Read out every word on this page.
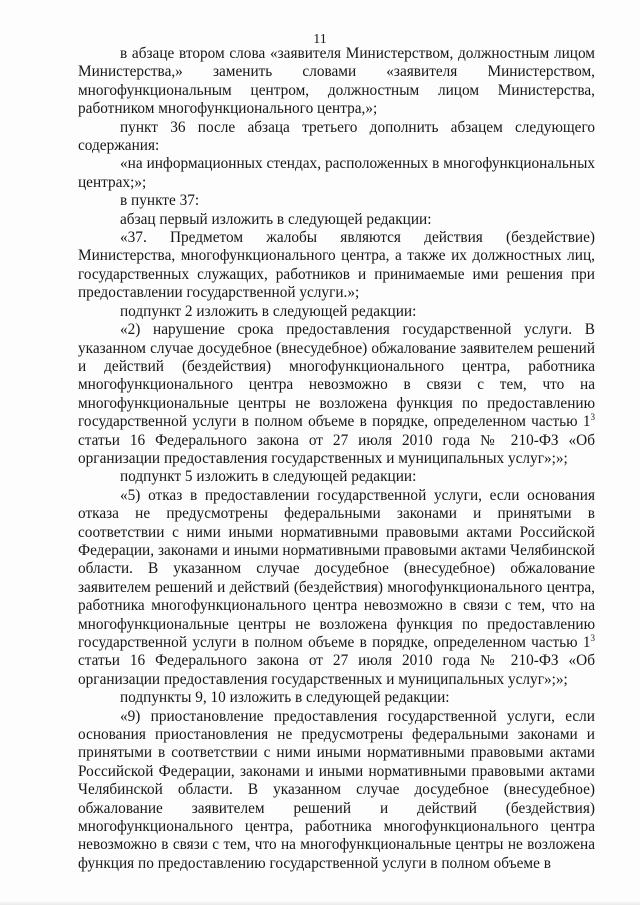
11

в абзаце втором слова «заявителя Министерством, должностным лицом Министерства,» заменить словами «заявителя Министерством, многофункциональным центром, должностным лицом Министерства, работником многофункционального центра,»;

пункт 36 после абзаца третьего дополнить абзацем следующего содержания:

«на информационных стендах, расположенных в многофункциональных центрах;»;

в пункте 37:

абзац первый изложить в следующей редакции:

«37. Предметом жалобы являются действия (бездействие) Министерства, многофункционального центра, а также их должностных лиц, государственных служащих, работников и принимаемые ими решения при предоставлении государственной услуги.»;

подпункт 2 изложить в следующей редакции:

«2) нарушение срока предоставления государственной услуги. В указанном случае досудебное (внесудебное) обжалование заявителем решений и действий (бездействия) многофункционального центра, работника многофункционального центра невозможно в связи с тем, что на многофункциональные центры не возложена функция по предоставлению государственной услуги в полном объеме в порядке, определенном частью $1^3$ статьи 16 Федерального закона от 27 июля 2010 года № 210-ФЗ «Об организации предоставления государственных и муниципальных услуг»;»;

подпункт 5 изложить в следующей редакции:

«5) отказ в предоставлении государственной услуги, если основания отказа не предусмотрены федеральными законами и принятыми в соответствии с ними иными нормативными правовыми актами Российской Федерации, законами и иными нормативными правовыми актами Челябинской области. В указанном случае досудебное (внесудебное) обжалование заявителем решений и действий (бездействия) многофункционального центра, работника многофункционального центра невозможно в связи с тем, что на многофункциональные центры не возложена функция по предоставлению государственной услуги в полном объеме в порядке, определенном частью $1^3$ статьи 16 Федерального закона от 27 июля 2010 года № 210-ФЗ «Об организации предоставления государственных и муниципальных услуг»;»;

подпункты 9, 10 изложить в следующей редакции:

«9) приостановление предоставления государственной услуги, если основания приостановления не предусмотрены федеральными законами и принятыми в соответствии с ними иными нормативными правовыми актами Российской Федерации, законами и иными нормативными правовыми актами Челябинской области. В указанном случае досудебное (внесудебное) обжалование заявителем решений и действий (бездействия) многофункционального центра, работника многофункционального центра невозможно в связи с тем, что на многофункциональные центры не возложена функция по предоставлению государственной услуги в полном объеме в
